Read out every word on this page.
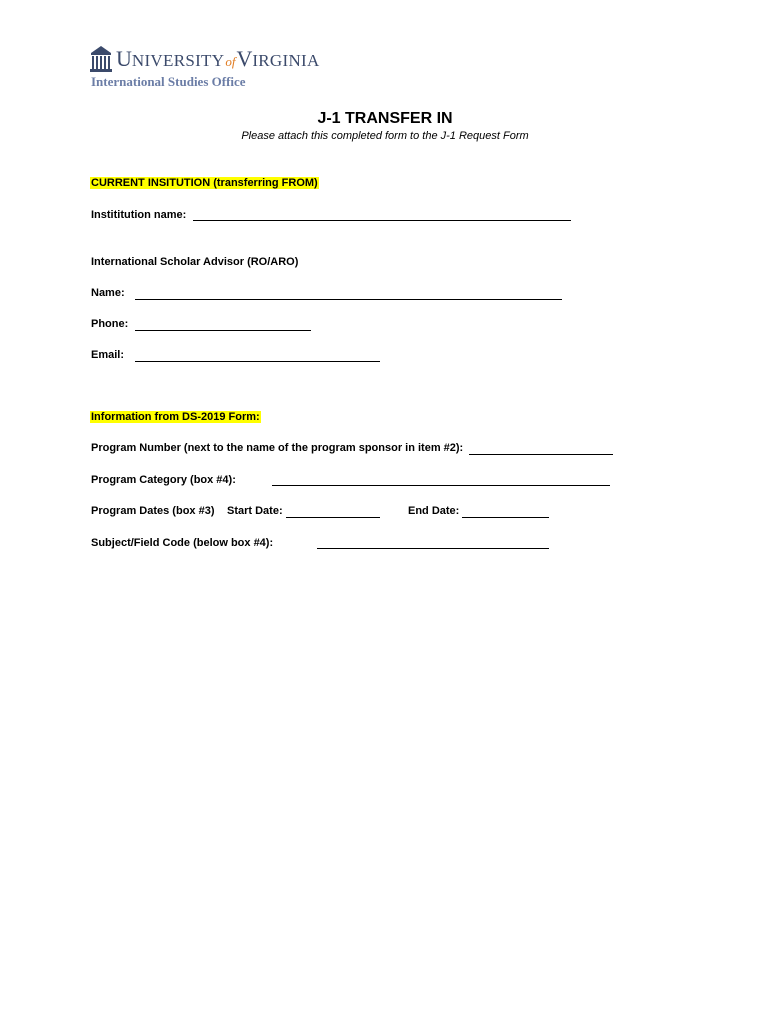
UNIVERSITYofVIRGINIA
International Studies Office
J-1 TRANSFER IN
Please attach this completed form to the J-1 Request Form
CURRENT INSITUTION (transferring FROM)
Instititution name:
International Scholar Advisor (RO/ARO)
Name:
Phone:
Email:
Information from DS-2019 Form:
Program Number (next to the name of the program sponsor in item #2):
Program Category (box #4):
Program Dates (box #3) Start Date:	End Date:
Subject/Field Code (below box #4):
